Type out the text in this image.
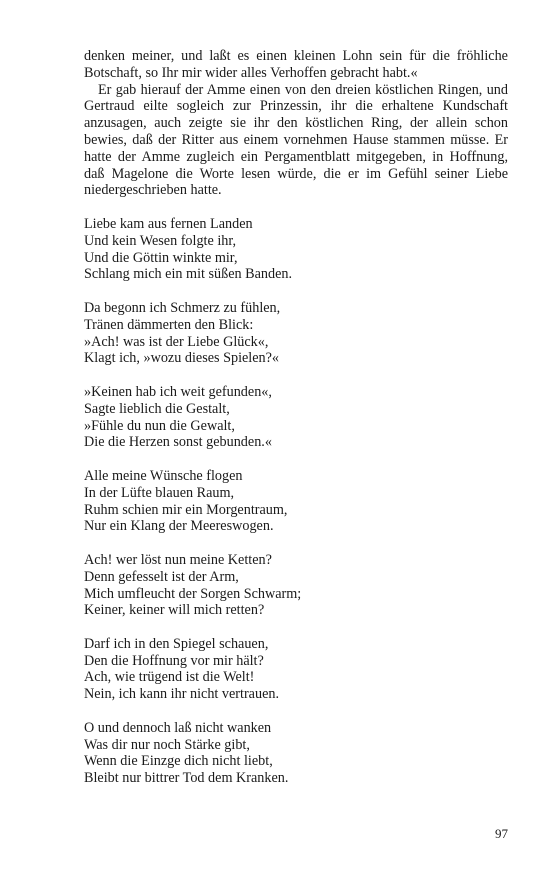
denken meiner, und laßt es einen kleinen Lohn sein für die fröhliche Botschaft, so Ihr mir wider alles Verhoffen gebracht habt.«

Er gab hierauf der Amme einen von den dreien köstlichen Ringen, und Gertraud eilte sogleich zur Prinzessin, ihr die erhaltene Kundschaft anzusagen, auch zeigte sie ihr den köstlichen Ring, der allein schon bewies, daß der Ritter aus einem vornehmen Hause stammen müsse. Er hatte der Amme zugleich ein Pergamentblatt mitgegeben, in Hoffnung, daß Magelone die Worte lesen würde, die er im Gefühl seiner Liebe niedergeschrieben hatte.

Liebe kam aus fernen Landen
Und kein Wesen folgte ihr,
Und die Göttin winkte mir,
Schlang mich ein mit süßen Banden.
Da begonn ich Schmerz zu fühlen,
Tränen dämmerten den Blick:
»Ach! was ist der Liebe Glück«,
Klagt ich, »wozu dieses Spielen?«
»Keinen hab ich weit gefunden«,
Sagte lieblich die Gestalt,
»Fühle du nun die Gewalt,
Die die Herzen sonst gebunden.«
Alle meine Wünsche flogen
In der Lüfte blauen Raum,
Ruhm schien mir ein Morgentraum,
Nur ein Klang der Meereswogen.
Ach! wer löst nun meine Ketten?
Denn gefesselt ist der Arm,
Mich umfleucht der Sorgen Schwarm;
Keiner, keiner will mich retten?
Darf ich in den Spiegel schauen,
Den die Hoffnung vor mir hält?
Ach, wie trügend ist die Welt!
Nein, ich kann ihr nicht vertrauen.
O und dennoch laß nicht wanken
Was dir nur noch Stärke gibt,
Wenn die Einzge dich nicht liebt,
Bleibt nur bittrer Tod dem Kranken.
97
